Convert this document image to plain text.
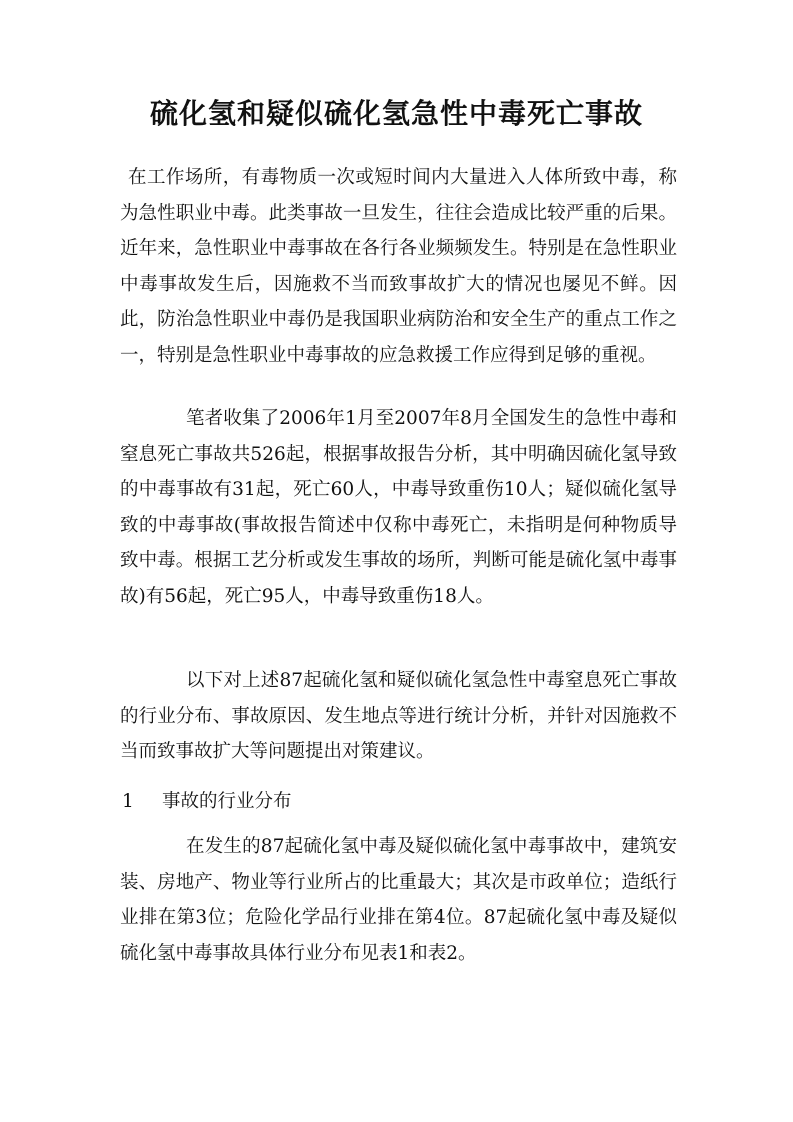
硫化氢和疑似硫化氢急性中毒死亡事故

在工作场所，有毒物质一次或短时间内大量进入人体所致中毒，称为急性职业中毒。此类事故一旦发生，往往会造成比较严重的后果。近年来，急性职业中毒事故在各行各业频频发生。特别是在急性职业中毒事故发生后，因施救不当而致事故扩大的情况也屡见不鲜。因此，防治急性职业中毒仍是我国职业病防治和安全生产的重点工作之一，特别是急性职业中毒事故的应急救援工作应得到足够的重视。

笔者收集了2006年1月至2007年8月全国发生的急性中毒和窒息死亡事故共526起，根据事故报告分析，其中明确因硫化氢导致的中毒事故有31起，死亡60人，中毒导致重伤10人；疑似硫化氢导致的中毒事故(事故报告简述中仅称中毒死亡，未指明是何种物质导致中毒。根据工艺分析或发生事故的场所，判断可能是硫化氢中毒事故)有56起，死亡95人，中毒导致重伤18人。

以下对上述87起硫化氢和疑似硫化氢急性中毒窒息死亡事故的行业分布、事故原因、发生地点等进行统计分析，并针对因施救不当而致事故扩大等问题提出对策建议。

1 事故的行业分布

在发生的87起硫化氢中毒及疑似硫化氢中毒事故中，建筑安装、房地产、物业等行业所占的比重最大；其次是市政单位；造纸行业排在第3位；危险化学品行业排在第4位。87起硫化氢中毒及疑似硫化氢中毒事故具体行业分布见表1和表2。
